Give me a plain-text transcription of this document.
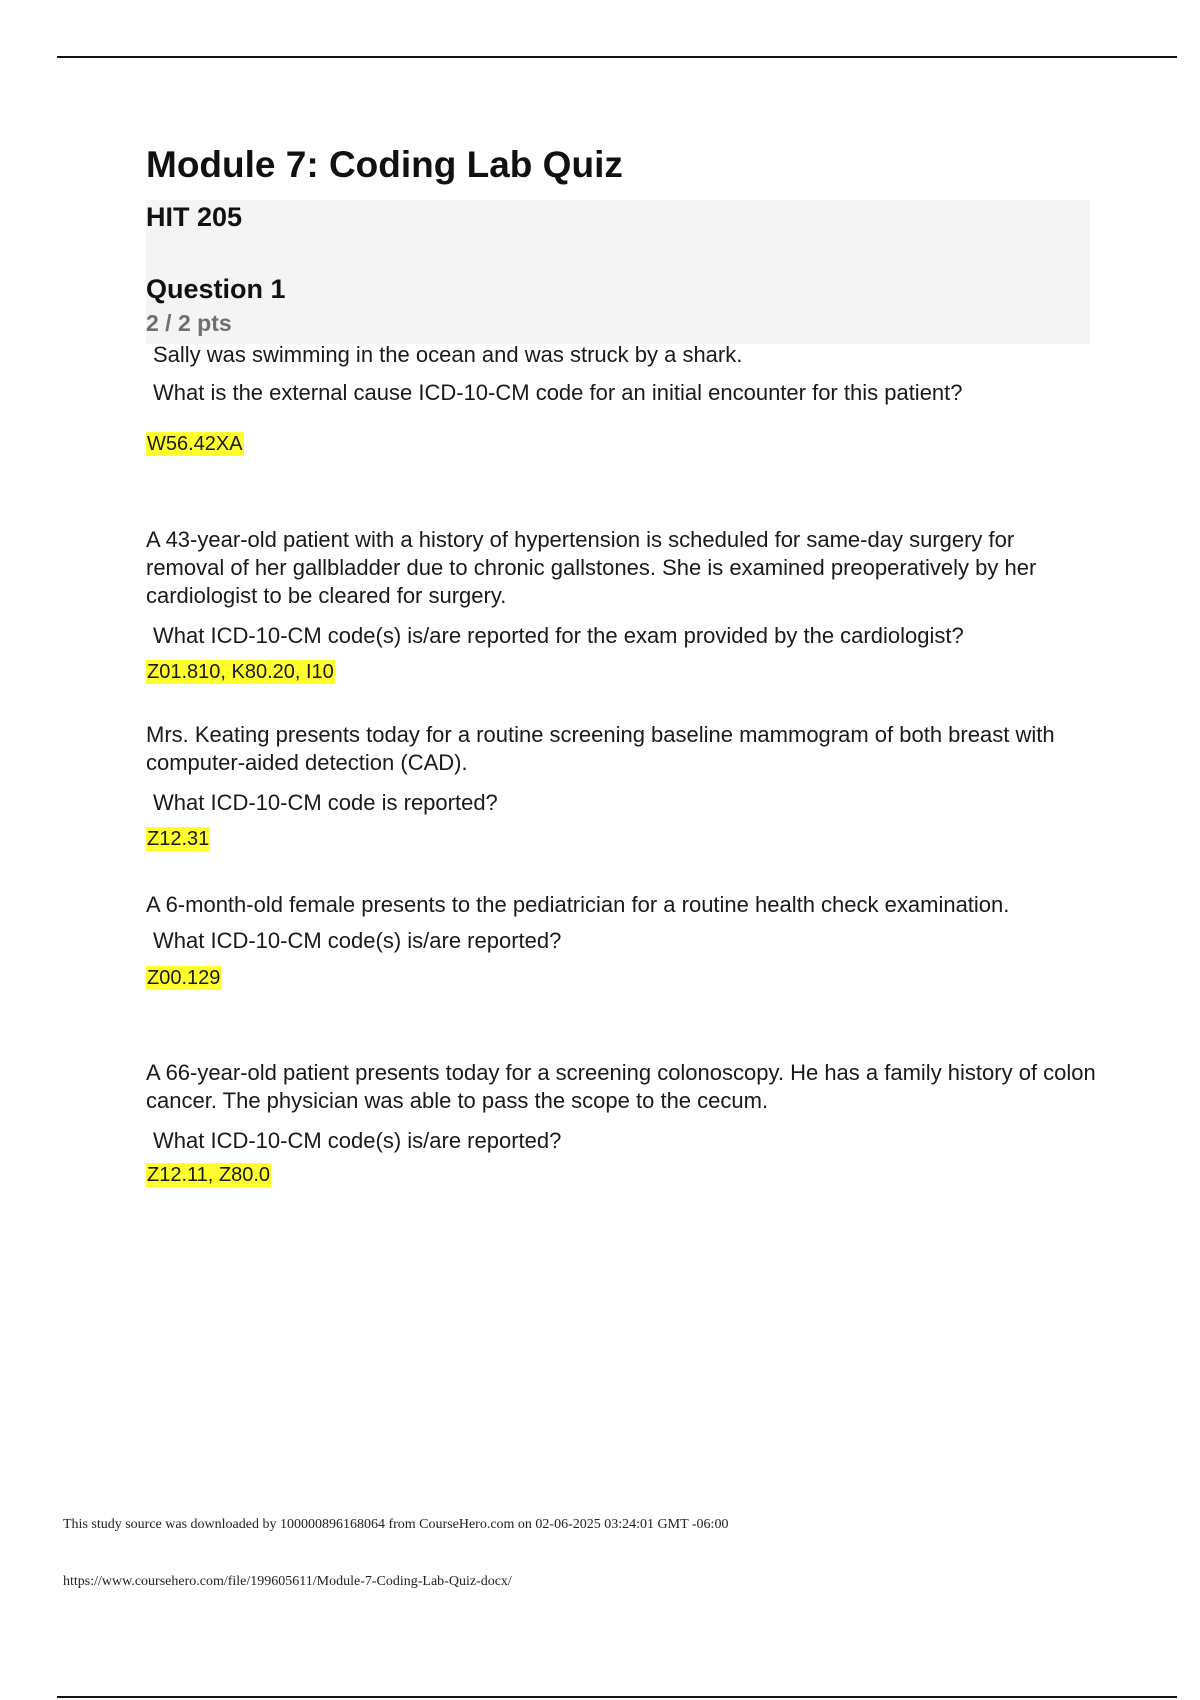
Module 7: Coding Lab Quiz
HIT 205
Question 1
2 / 2 pts

Sally was swimming in the ocean and was struck by a shark.

What is the external cause ICD-10-CM code for an initial encounter for this patient?

W56.42XA

A 43-year-old patient with a history of hypertension is scheduled for same-day surgery for removal of her gallbladder due to chronic gallstones. She is examined preoperatively by her cardiologist to be cleared for surgery.

What ICD-10-CM code(s) is/are reported for the exam provided by the cardiologist?

Z01.810, K80.20, I10

Mrs. Keating presents today for a routine screening baseline mammogram of both breast with computer-aided detection (CAD).

What ICD-10-CM code is reported?

Z12.31

A 6-month-old female presents to the pediatrician for a routine health check examination.

What ICD-10-CM code(s) is/are reported?

Z00.129

A 66-year-old patient presents today for a screening colonoscopy. He has a family history of colon cancer. The physician was able to pass the scope to the cecum.

What ICD-10-CM code(s) is/are reported?

Z12.11, Z80.0
This study source was downloaded by 100000896168064 from CourseHero.com on 02-06-2025 03:24:01 GMT -06:00
https://www.coursehero.com/file/199605611/Module-7-Coding-Lab-Quiz-docx/
